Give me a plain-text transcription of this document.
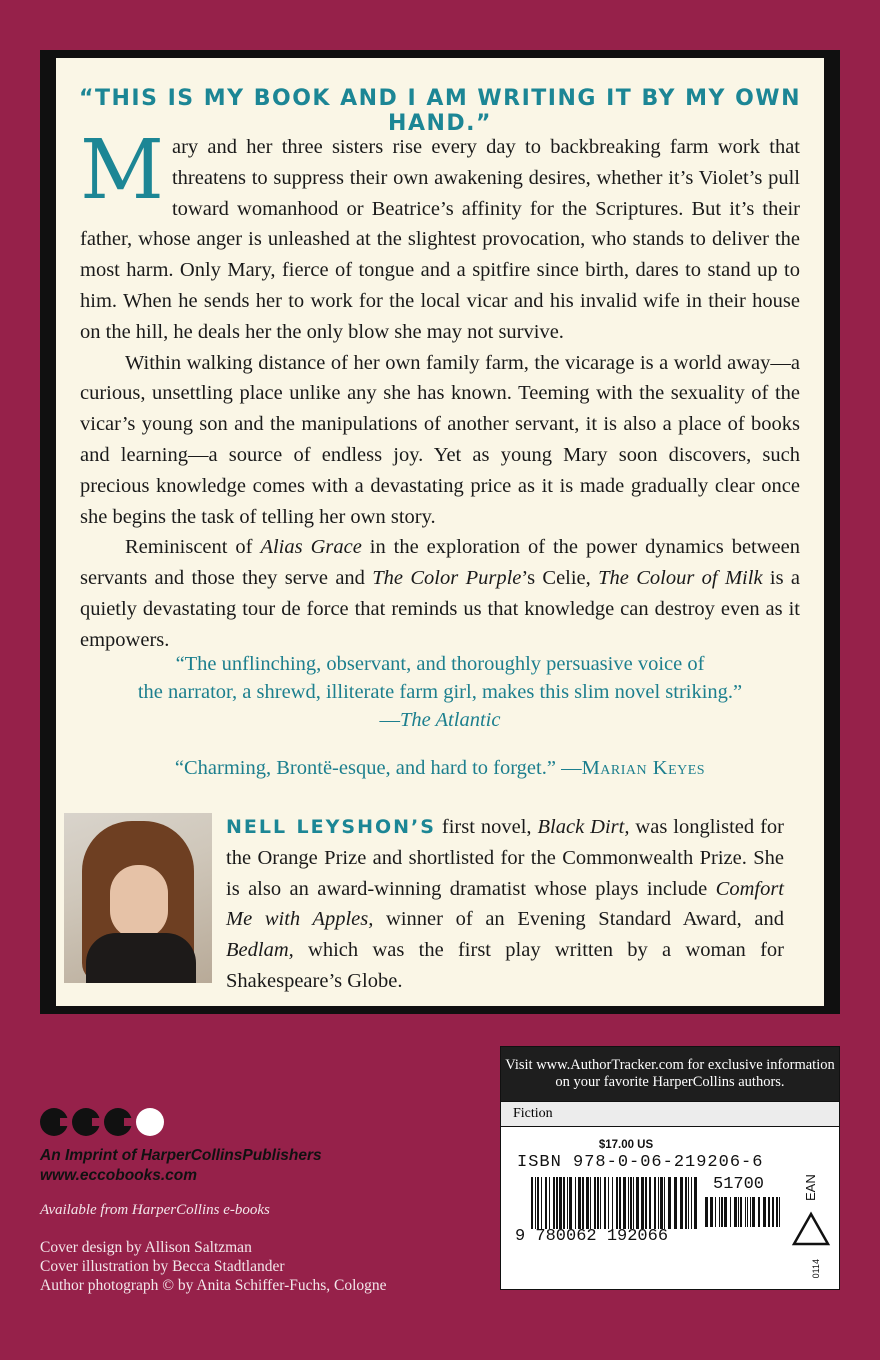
“THIS IS MY BOOK AND I AM WRITING IT BY MY OWN HAND.”

Mary and her three sisters rise every day to backbreaking farm work that threatens to suppress their own awakening desires, whether it’s Violet’s pull toward womanhood or Beatrice’s affinity for the Scriptures. But it’s their father, whose anger is unleashed at the slightest provocation, who stands to deliver the most harm. Only Mary, fierce of tongue and a spitfire since birth, dares to stand up to him. When he sends her to work for the local vicar and his invalid wife in their house on the hill, he deals her the only blow she may not survive.

Within walking distance of her own family farm, the vicarage is a world away—a curious, unsettling place unlike any she has known. Teeming with the sexuality of the vicar’s young son and the manipulations of another servant, it is also a place of books and learning—a source of endless joy. Yet as young Mary soon discovers, such precious knowledge comes with a devastating price as it is made gradually clear once she begins the task of telling her own story.

Reminiscent of Alias Grace in the exploration of the power dynamics between servants and those they serve and The Color Purple’s Celie, The Colour of Milk is a quietly devastating tour de force that reminds us that knowledge can destroy even as it empowers.

“The unflinching, observant, and thoroughly persuasive voice of
the narrator, a shrewd, illiterate farm girl, makes this slim novel striking.”
—The Atlantic
“Charming, Brontë-esque, and hard to forget.” —Marian Keyes
NELL LEYSHON’S first novel, Black Dirt, was longlisted for the Orange Prize and shortlisted for the Commonwealth Prize. She is also an award-winning dramatist whose plays include Comfort Me with Apples, winner of an Evening Standard Award, and Bedlam, which was the first play written by a woman for Shakespeare’s Globe.
An Imprint of HarperCollinsPublishers
www.eccobooks.com
Available from HarperCollins e-books
Cover design by Allison Saltzman
Cover illustration by Becca Stadtlander
Author photograph © by Anita Schiffer-Fuchs, Cologne
Visit www.AuthorTracker.com for exclusive information on your favorite HarperCollins authors.
Fiction
$17.00 US
ISBN 978-0-06-219206-6
51700
9 780062 192066
EAN
0114
